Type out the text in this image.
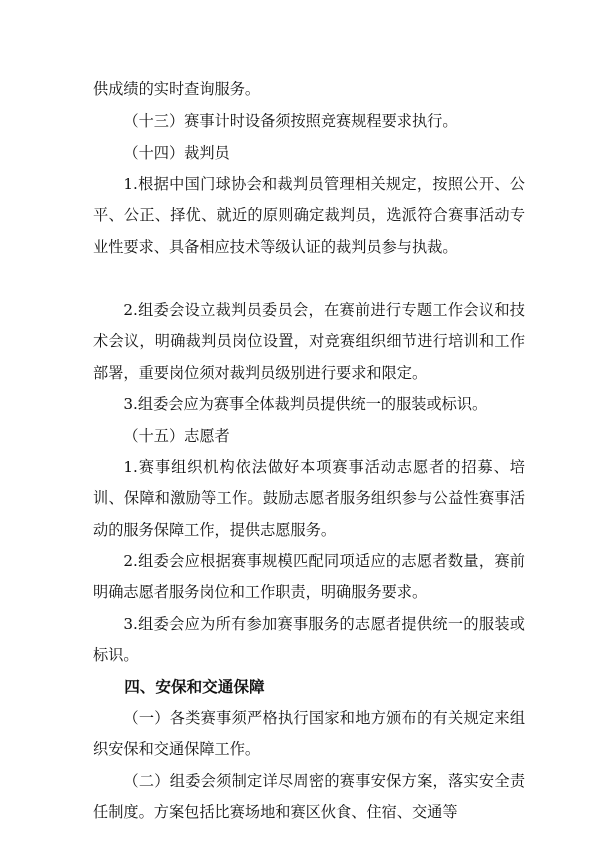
供成绩的实时查询服务。

（十三）赛事计时设备须按照竞赛规程要求执行。

（十四）裁判员

1.根据中国门球协会和裁判员管理相关规定，按照公开、公平、公正、择优、就近的原则确定裁判员，选派符合赛事活动专业性要求、具备相应技术等级认证的裁判员参与执裁。

2.组委会设立裁判员委员会，在赛前进行专题工作会议和技术会议，明确裁判员岗位设置，对竞赛组织细节进行培训和工作部署，重要岗位须对裁判员级别进行要求和限定。

3.组委会应为赛事全体裁判员提供统一的服装或标识。

（十五）志愿者

1.赛事组织机构依法做好本项赛事活动志愿者的招募、培训、保障和激励等工作。鼓励志愿者服务组织参与公益性赛事活动的服务保障工作，提供志愿服务。

2.组委会应根据赛事规模匹配同项适应的志愿者数量，赛前明确志愿者服务岗位和工作职责，明确服务要求。

3.组委会应为所有参加赛事服务的志愿者提供统一的服装或标识。

四、安保和交通保障

（一）各类赛事须严格执行国家和地方颁布的有关规定来组织安保和交通保障工作。

（二）组委会须制定详尽周密的赛事安保方案，落实安全责任制度。方案包括比赛场地和赛区伙食、住宿、交通等
